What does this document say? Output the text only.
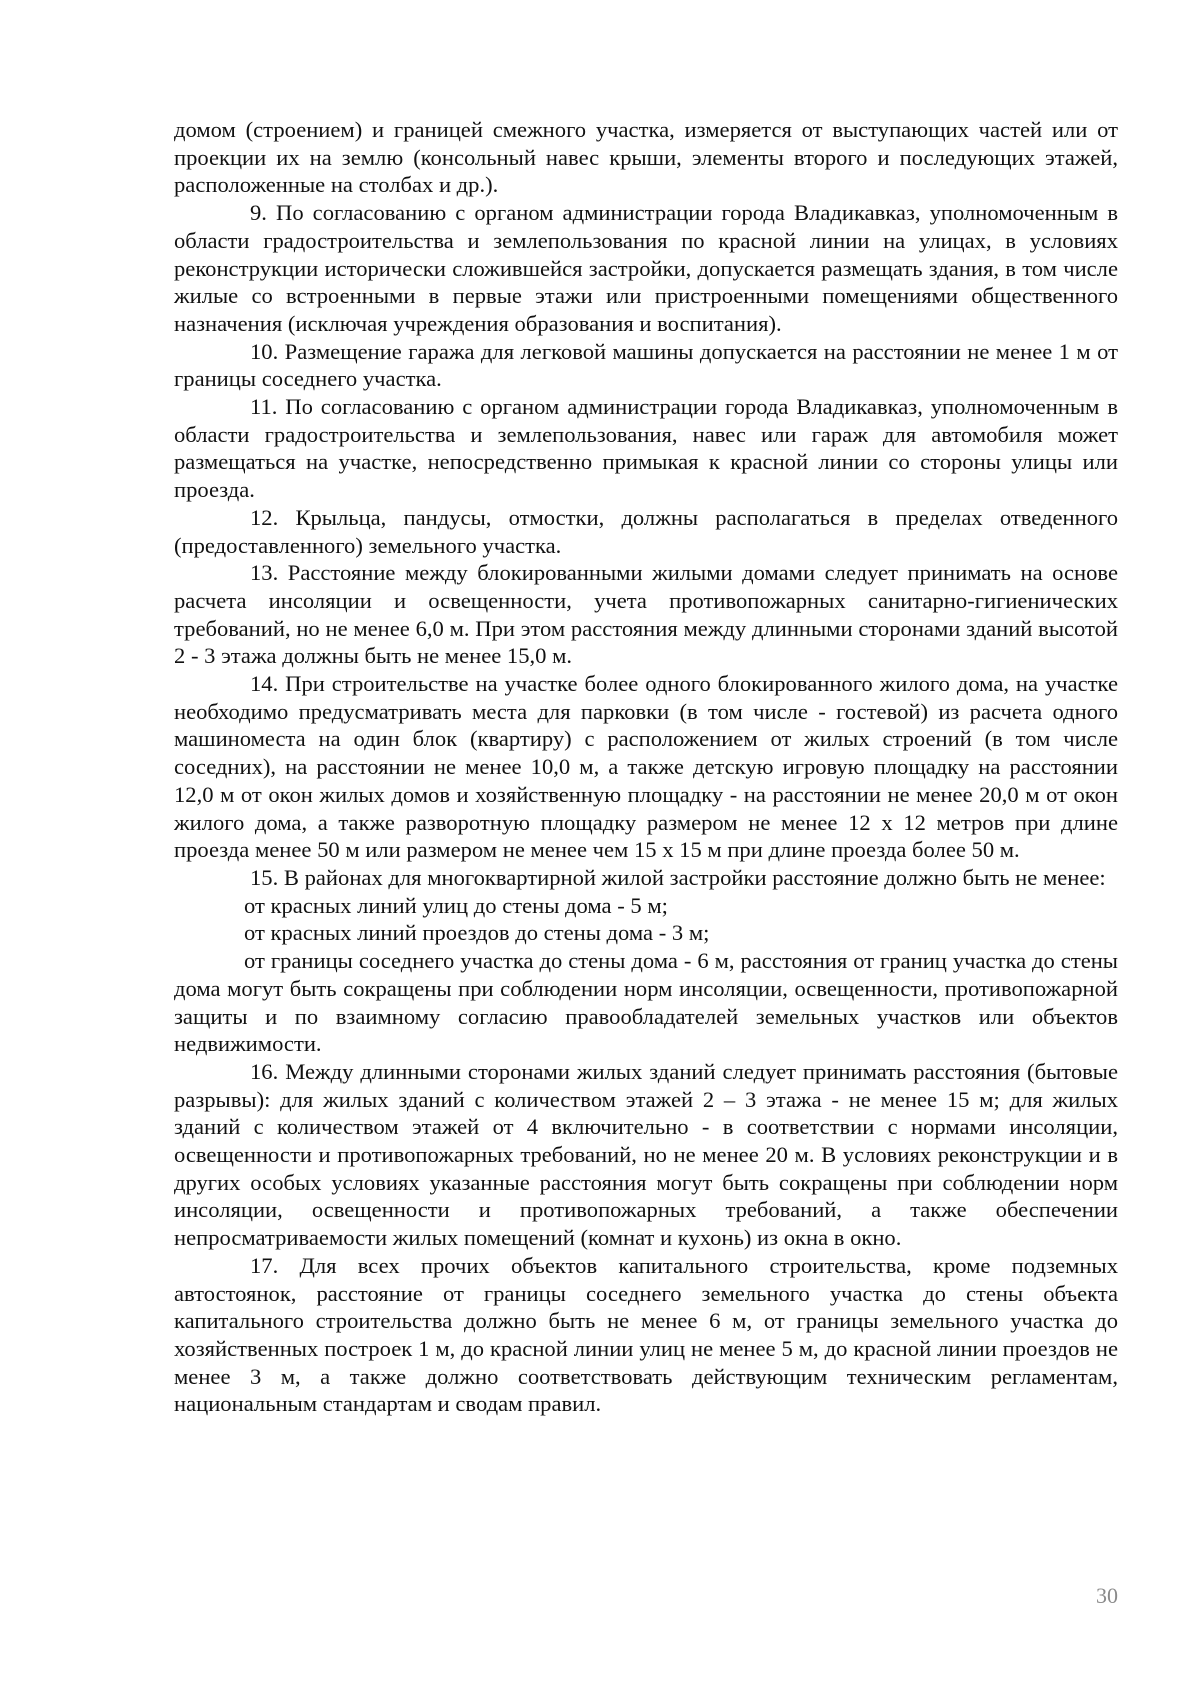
домом (строением) и границей смежного участка, измеряется от выступающих частей или от проекции их на землю (консольный навес крыши, элементы второго и последующих этажей, расположенные на столбах и др.).

9. По согласованию с органом администрации города Владикавказ, уполномоченным в области градостроительства и землепользования по красной линии на улицах, в условиях реконструкции исторически сложившейся застройки, допускается размещать здания, в том числе жилые со встроенными в первые этажи или пристроенными помещениями общественного назначения (исключая учреждения образования и воспитания).

10. Размещение гаража для легковой машины допускается на расстоянии не менее 1 м от границы соседнего участка.

11. По согласованию с органом администрации города Владикавказ, уполномоченным в области градостроительства и землепользования, навес или гараж для автомобиля может размещаться на участке, непосредственно примыкая к красной линии со стороны улицы или проезда.

12. Крыльца, пандусы, отмостки, должны располагаться в пределах отведенного (предоставленного) земельного участка.

13. Расстояние между блокированными жилыми домами следует принимать на основе расчета инсоляции и освещенности, учета противопожарных санитарно-гигиенических требований, но не менее 6,0 м. При этом расстояния между длинными сторонами зданий высотой 2 - 3 этажа должны быть не менее 15,0 м.

14. При строительстве на участке более одного блокированного жилого дома, на участке необходимо предусматривать места для парковки (в том числе - гостевой) из расчета одного машиноместа на один блок (квартиру) с расположением от жилых строений (в том числе соседних), на расстоянии не менее 10,0 м, а также детскую игровую площадку на расстоянии 12,0 м от окон жилых домов и хозяйственную площадку - на расстоянии не менее 20,0 м от окон жилого дома, а также разворотную площадку размером не менее 12 х 12 метров при длине проезда менее 50 м или размером не менее чем 15 х 15 м при длине проезда более 50 м.

15. В районах для многоквартирной жилой застройки расстояние должно быть не менее:

от красных линий улиц до стены дома - 5 м;

от красных линий проездов до стены дома - 3 м;

от границы соседнего участка до стены дома - 6 м, расстояния от границ участка до стены дома могут быть сокращены при соблюдении норм инсоляции, освещенности, противопожарной защиты и по взаимному согласию правообладателей земельных участков или объектов недвижимости.

16. Между длинными сторонами жилых зданий следует принимать расстояния (бытовые разрывы): для жилых зданий с количеством этажей 2 – 3 этажа - не менее 15 м; для жилых зданий с количеством этажей от 4 включительно - в соответствии с нормами инсоляции, освещенности и противопожарных требований, но не менее 20 м. В условиях реконструкции и в других особых условиях указанные расстояния могут быть сокращены при соблюдении норм инсоляции, освещенности и противопожарных требований, а также обеспечении непросматриваемости жилых помещений (комнат и кухонь) из окна в окно.

17. Для всех прочих объектов капитального строительства, кроме подземных автостоянок, расстояние от границы соседнего земельного участка до стены объекта капитального строительства должно быть не менее 6 м, от границы земельного участка до хозяйственных построек 1 м, до красной линии улиц не менее 5 м, до красной линии проездов не менее 3 м, а также должно соответствовать действующим техническим регламентам, национальным стандартам и сводам правил.

30
